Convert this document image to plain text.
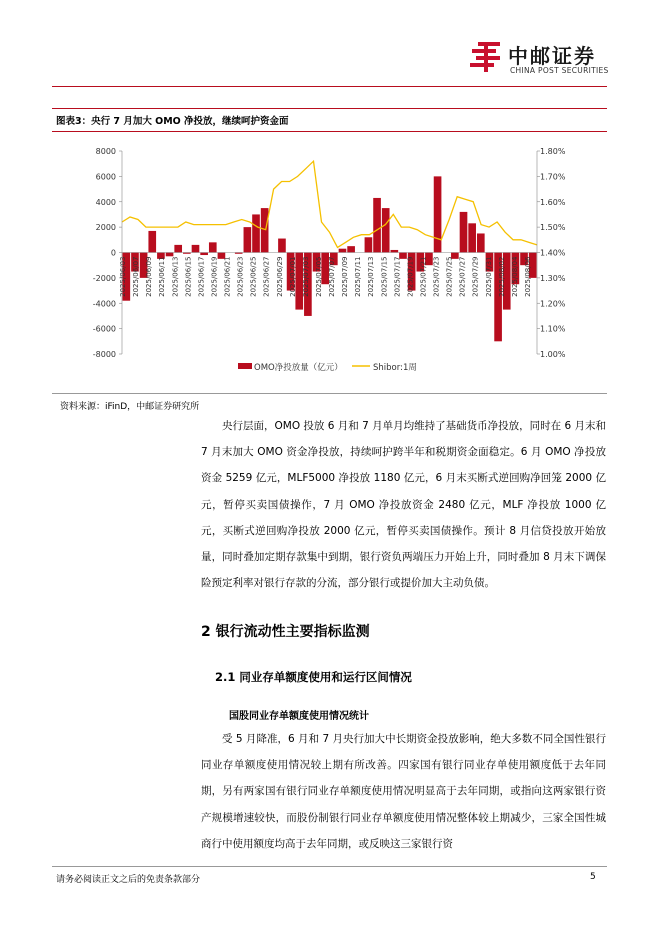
中邮证券
CHINA POST SECURITIES
图表3：央行 7 月加大 OMO 净投放，继续呵护资金面
8000
6000
4000
2000
0
-2000
-4000
-6000
-8000
1.80%
1.70%
1.60%
1.50%
1.40%
1.30%
1.20%
1.10%
1.00%
2025/06/03 2025/06/07 2025/06/09 2025/06/11 2025/06/13 2025/06/15 2025/06/17 2025/06/19 2025/06/21 2025/06/23 2025/06/25 2025/06/27 2025/06/29 2025/07/01 2025/07/03 2025/07/05 2025/07/07 2025/07/09 2025/07/11 2025/07/13 2025/07/15 2025/07/17 2025/07/19 2025/07/21 2025/07/23 2025/07/25 2025/07/27 2025/07/29 2025/07/31 2025/08/02 2025/08/04 2025/08/06
OMO净投放量（亿元）	Shibor:1周
资料来源：iFinD，中邮证券研究所

央行层面，OMO 投放 6 月和 7 月单月均维持了基础货币净投放，同时在 6 月末和 7 月末加大 OMO 资金净投放，持续呵护跨半年和税期资金面稳定。6 月 OMO 净投放资金 5259 亿元，MLF5000 净投放 1180 亿元，6 月末买断式逆回购净回笼 2000 亿元，暂停买卖国债操作，7 月 OMO 净投放资金 2480 亿元，MLF 净投放 1000 亿元，买断式逆回购净投放 2000 亿元，暂停买卖国债操作。预计 8 月信贷投放开始放量，同时叠加定期存款集中到期，银行资负两端压力开始上升，同时叠加 8 月末下调保险预定利率对银行存款的分流，部分银行或提价加大主动负债。

2 银行流动性主要指标监测
2.1 同业存单额度使用和运行区间情况
国股同业存单额度使用情况统计

受 5 月降准，6 月和 7 月央行加大中长期资金投放影响，绝大多数不同全国性银行同业存单额度使用情况较上期有所改善。四家国有银行同业存单使用额度低于去年同期，另有两家国有银行同业存单额度使用情况明显高于去年同期，或指向这两家银行资产规模增速较快，而股份制银行同业存单额度使用情况整体较上期减少，三家全国性城商行中使用额度均高于去年同期，或反映这三家银行资

请务必阅读正文之后的免责条款部分	5
